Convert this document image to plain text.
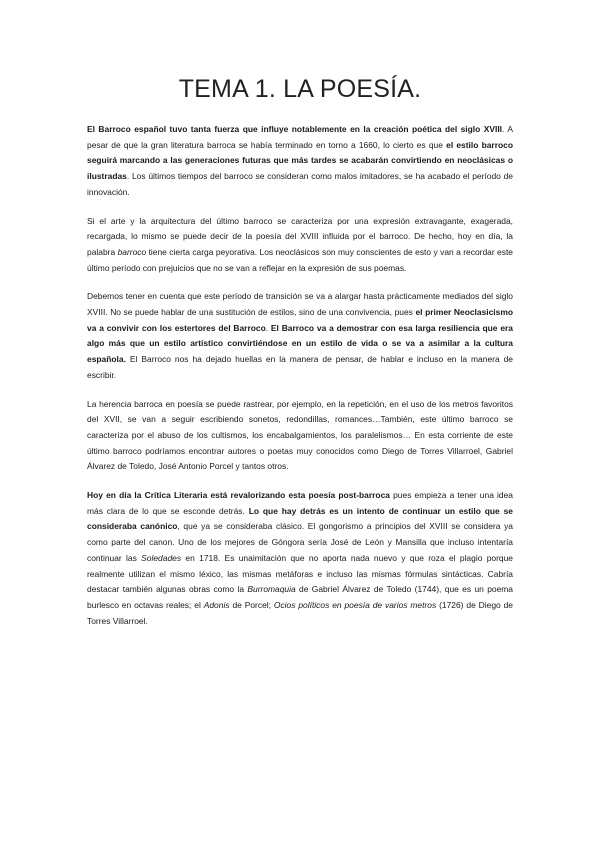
TEMA 1. LA POESÍA.

El Barroco español tuvo tanta fuerza que influye notablemente en la creación poética del siglo XVIII. A pesar de que la gran literatura barroca se había terminado en torno a 1660, lo cierto es que el estilo barroco seguirá marcando a las generaciones futuras que más tardes se acabarán convirtiendo en neoclásicas o ilustradas. Los últimos tiempos del barroco se consideran como malos imitadores, se ha acabado el período de innovación.

Si el arte y la arquitectura del último barroco se caracteriza por una expresión extravagante, exagerada, recargada, lo mismo se puede decir de la poesía del XVIII influida por el barroco. De hecho, hoy en día, la palabra barroco tiene cierta carga peyorativa. Los neoclásicos son muy conscientes de esto y van a recordar este último período con prejuicios que no se van a reflejar en la expresión de sus poemas.

Debemos tener en cuenta que este período de transición se va a alargar hasta prácticamente mediados del siglo XVIII. No se puede hablar de una sustitución de estilos, sino de una convivencia, pues el primer Neoclasicismo va a convivir con los estertores del Barroco. El Barroco va a demostrar con esa larga resiliencia que era algo más que un estilo artístico convirtiéndose en un estilo de vida o se va a asimilar a la cultura española. El Barroco nos ha dejado huellas en la manera de pensar, de hablar e incluso en la manera de escribir.

La herencia barroca en poesía se puede rastrear, por ejemplo, en la repetición, en el uso de los metros favoritos del XVII, se van a seguir escribiendo sonetos, redondillas, romances…También, este último barroco se caracteriza por el abuso de los cultismos, los encabalgamientos, los paralelismos… En esta corriente de este último barroco podríamos encontrar autores o poetas muy conocidos como Diego de Torres Villarroel, Gabriel Álvarez de Toledo, José Antonio Porcel y tantos otros.

Hoy en día la Crítica Literaria está revalorizando esta poesía post-barroca pues empieza a tener una idea más clara de lo que se esconde detrás. Lo que hay detrás es un intento de continuar un estilo que se consideraba canónico, que ya se consideraba clásico. El gongorismo a principios del XVIII se considera ya como parte del canon. Uno de los mejores de Góngora sería José de León y Mansilla que incluso intentaría continuar las Soledades en 1718. Es unaimitación que no aporta nada nuevo y que roza el plagio porque realmente utilizan el mismo léxico, las mismas metáforas e incluso las mismas fórmulas sintácticas. Cabría destacar también algunas obras como la Burromaquia de Gabriel Álvarez de Toledo (1744), que es un poema burlesco en octavas reales; el Adonis de Porcel; Ocios políticos en poesía de varios metros (1726) de Diego de Torres Villarroel.
